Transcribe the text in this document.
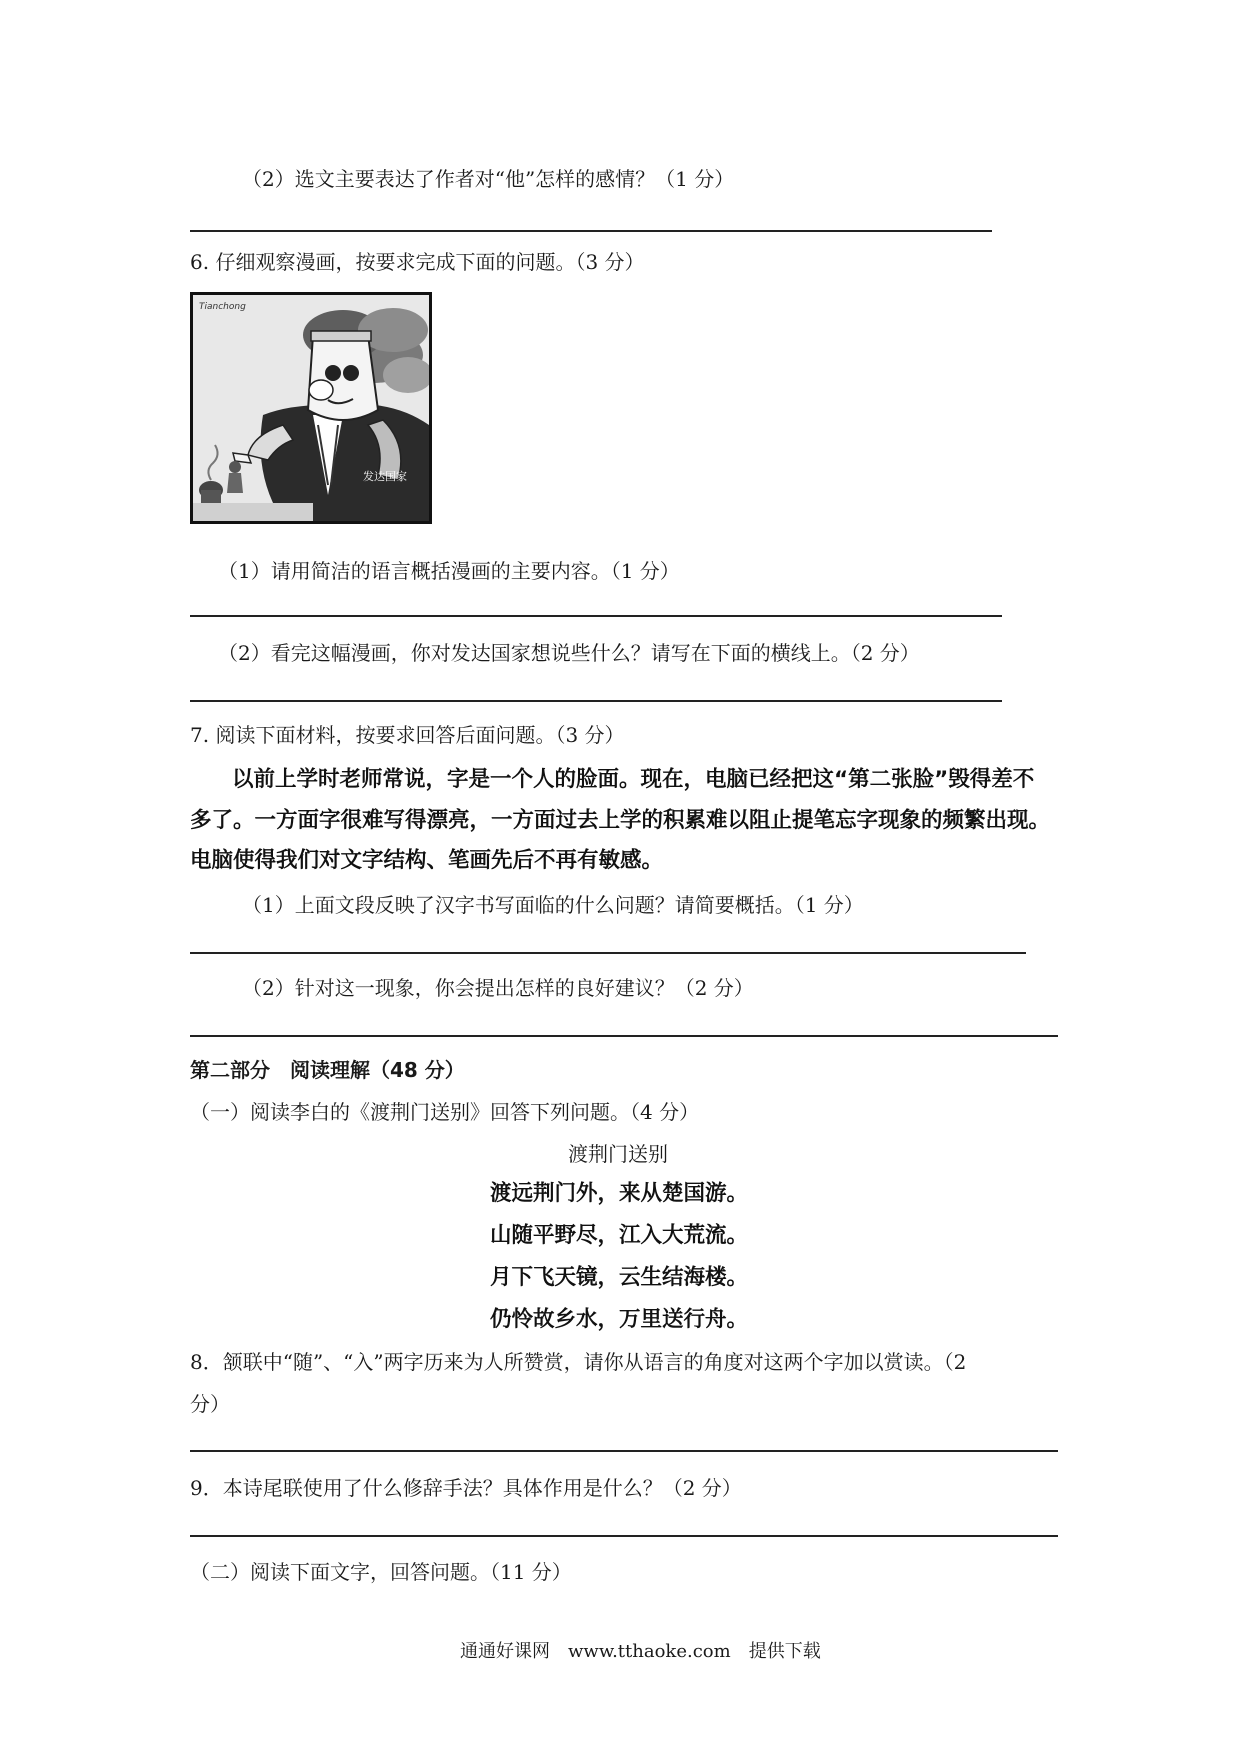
（2）选文主要表达了作者对“他”怎样的感情？（1 分）
6. 仔细观察漫画，按要求完成下面的问题。（3 分）
Tianchong
发达国家
（1）请用简洁的语言概括漫画的主要内容。（1 分）
（2）看完这幅漫画，你对发达国家想说些什么？请写在下面的横线上。（2 分）
7. 阅读下面材料，按要求回答后面问题。（3 分）
以前上学时老师常说，字是一个人的脸面。现在，电脑已经把这“第二张脸”毁得差不
多了。一方面字很难写得漂亮，一方面过去上学的积累难以阻止提笔忘字现象的频繁出现。
电脑使得我们对文字结构、笔画先后不再有敏感。
（1）上面文段反映了汉字书写面临的什么问题？请简要概括。（1 分）
（2）针对这一现象，你会提出怎样的良好建议？（2 分）
第二部分　阅读理解（48 分）
（一）阅读李白的《渡荆门送别》回答下列问题。（4 分）
渡荆门送别
渡远荆门外，来从楚国游。
山随平野尽，江入大荒流。
月下飞天镜，云生结海楼。
仍怜故乡水，万里送行舟。
8．颔联中“随”、“入”两字历来为人所赞赏，请你从语言的角度对这两个字加以赏读。（2
分）
9．本诗尾联使用了什么修辞手法？具体作用是什么？（2 分）
（二）阅读下面文字，回答问题。（11 分）
通通好课网　www.tthaoke.com　提供下载
